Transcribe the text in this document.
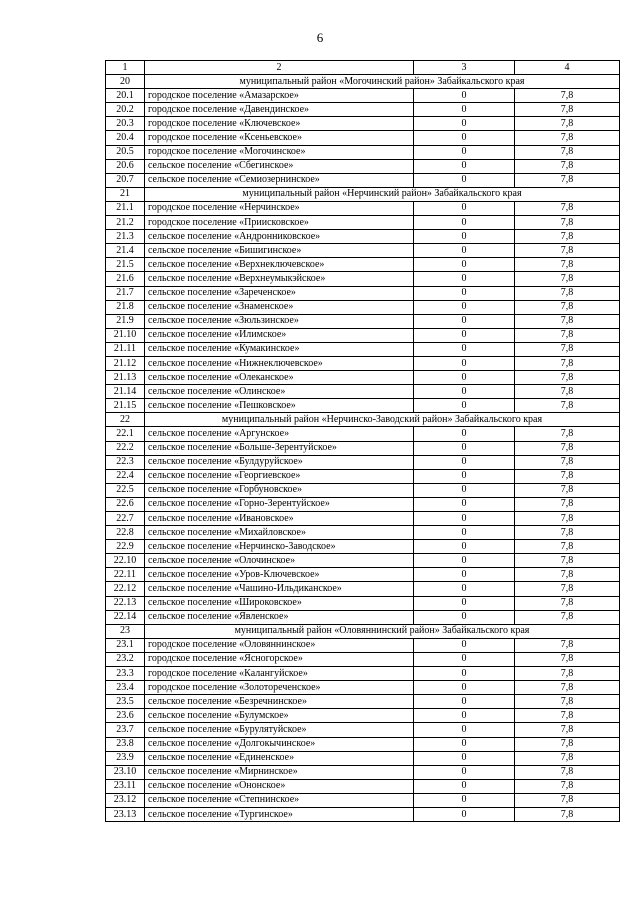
6
1	2	3	4
20	муниципальный район «Могочинский район» Забайкальского края		
20.1	городское поселение «Амазарское»	0	7,8
20.2	городское поселение «Давендинское»	0	7,8
20.3	городское поселение «Ключевское»	0	7,8
20.4	городское поселение «Ксеньевское»	0	7,8
20.5	городское поселение «Могочинское»	0	7,8
20.6	сельское поселение «Сбегинское»	0	7,8
20.7	сельское поселение «Семиозернинское»	0	7,8
21	муниципальный район «Нерчинский район» Забайкальского края		
21.1	городское поселение «Нерчинское»	0	7,8
21.2	городское поселение «Приисковское»	0	7,8
21.3	сельское поселение «Андронниковское»	0	7,8
21.4	сельское поселение «Бишигинское»	0	7,8
21.5	сельское поселение «Верхнеключевское»	0	7,8
21.6	сельское поселение «Верхнеумыкэйское»	0	7,8
21.7	сельское поселение «Зареченское»	0	7,8
21.8	сельское поселение «Знаменское»	0	7,8
21.9	сельское поселение «Зюльзинское»	0	7,8
21.10	сельское поселение «Илимское»	0	7,8
21.11	сельское поселение «Кумакинское»	0	7,8
21.12	сельское поселение «Нижнеключевское»	0	7,8
21.13	сельское поселение «Олеканское»	0	7,8
21.14	сельское поселение «Олинское»	0	7,8
21.15	сельское поселение «Пешковское»	0	7,8
22	муниципальный район «Нерчинско-Заводский район» Забайкальского края		
22.1	сельское поселение «Аргунское»	0	7,8
22.2	сельское поселение «Больше-Зерентуйское»	0	7,8
22.3	сельское поселение «Булдуруйское»	0	7,8
22.4	сельское поселение «Георгиевское»	0	7,8
22.5	сельское поселение «Горбуновское»	0	7,8
22.6	сельское поселение «Горно-Зерентуйское»	0	7,8
22.7	сельское поселение «Ивановское»	0	7,8
22.8	сельское поселение «Михайловское»	0	7,8
22.9	сельское поселение «Нерчинско-Заводское»	0	7,8
22.10	сельское поселение «Олочинское»	0	7,8
22.11	сельское поселение «Уров-Ключевское»	0	7,8
22.12	сельское поселение «Чашино-Ильдиканское»	0	7,8
22.13	сельское поселение «Широковское»	0	7,8
22.14	сельское поселение «Явленское»	0	7,8
23	муниципальный район «Оловяннинский район» Забайкальского края		
23.1	городское поселение «Оловяннинское»	0	7,8
23.2	городское поселение «Ясногорское»	0	7,8
23.3	городское поселение «Калангуйское»	0	7,8
23.4	городское поселение «Золотореченское»	0	7,8
23.5	сельское поселение «Безречнинское»	0	7,8
23.6	сельское поселение «Булумское»	0	7,8
23.7	сельское поселение «Бурулятуйское»	0	7,8
23.8	сельское поселение «Долгокычинское»	0	7,8
23.9	сельское поселение «Единенское»	0	7,8
23.10	сельское поселение «Мирнинское»	0	7,8
23.11	сельское поселение «Ононское»	0	7,8
23.12	сельское поселение «Степнинское»	0	7,8
23.13	сельское поселение «Тургинское»	0	7,8
